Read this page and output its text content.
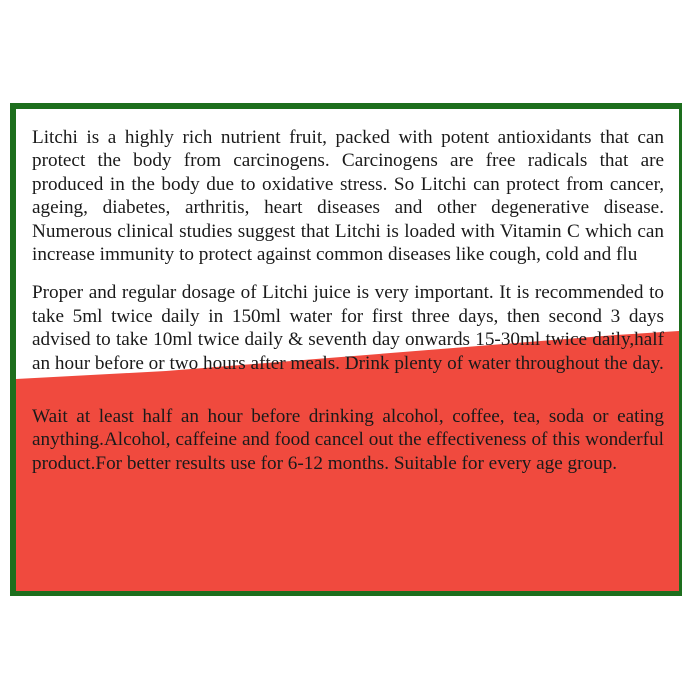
Litchi is a highly rich nutrient fruit, packed with potent antioxidants that can protect the body from carcinogens. Carcinogens are free radicals that are produced in the body due to oxidative stress. So Litchi can protect from cancer, ageing, diabetes, arthritis, heart diseases and other degenerative disease. Numerous clinical studies suggest that Litchi is loaded with Vitamin C which can increase immunity to protect against common diseases like cough, cold and flu

Proper and regular dosage of Litchi juice is very important. It is recommended to take 5ml twice daily in 150ml water for first three days, then second 3 days advised to take 10ml twice daily & seventh day onwards 15-30ml twice daily,half an hour before or two hours after meals. Drink plenty of water throughout the day.

Wait at least half an hour before drinking alcohol, coffee, tea, soda or eating anything.Alcohol, caffeine and food cancel out the effectiveness of this wonderful product.For better results use for 6-12 months. Suitable for every age group.
